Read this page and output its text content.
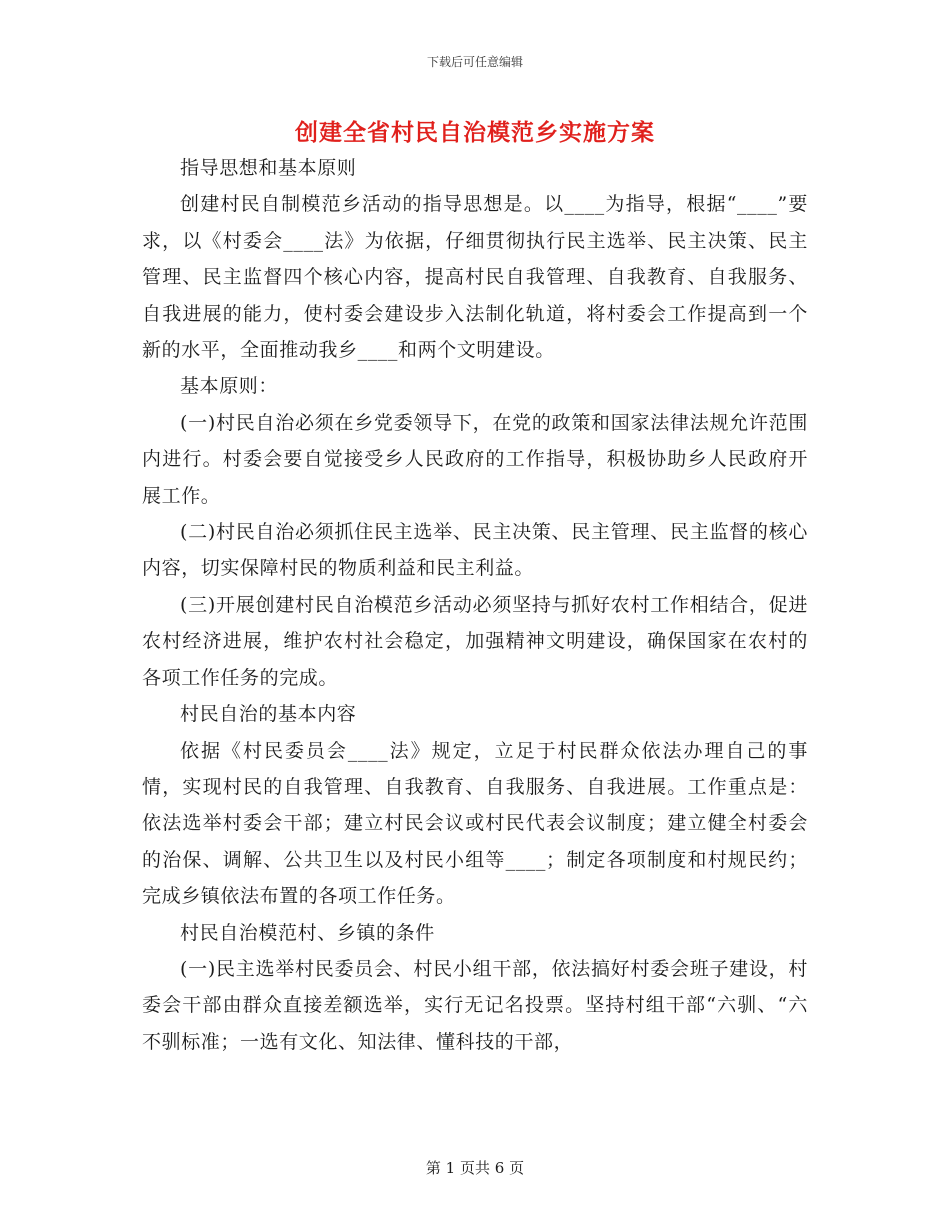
下载后可任意编辑
创建全省村民自治模范乡实施方案

指导思想和基本原则

创建村民自制模范乡活动的指导思想是。以____为指导，根据“____”要求，以《村委会____法》为依据，仔细贯彻执行民主选举、民主决策、民主管理、民主监督四个核心内容，提高村民自我管理、自我教育、自我服务、自我进展的能力，使村委会建设步入法制化轨道，将村委会工作提高到一个新的水平，全面推动我乡____和两个文明建设。

基本原则：

(一)村民自治必须在乡党委领导下，在党的政策和国家法律法规允许范围内进行。村委会要自觉接受乡人民政府的工作指导，积极协助乡人民政府开展工作。

(二)村民自治必须抓住民主选举、民主决策、民主管理、民主监督的核心内容，切实保障村民的物质利益和民主利益。

(三)开展创建村民自治模范乡活动必须坚持与抓好农村工作相结合，促进农村经济进展，维护农村社会稳定，加强精神文明建设，确保国家在农村的各项工作任务的完成。

村民自治的基本内容

依据《村民委员会____法》规定，立足于村民群众依法办理自己的事情，实现村民的自我管理、自我教育、自我服务、自我进展。工作重点是：依法选举村委会干部；建立村民会议或村民代表会议制度；建立健全村委会的治保、调解、公共卫生以及村民小组等____；制定各项制度和村规民约；完成乡镇依法布置的各项工作任务。

村民自治模范村、乡镇的条件

(一)民主选举村民委员会、村民小组干部，依法搞好村委会班子建设，村委会干部由群众直接差额选举，实行无记名投票。坚持村组干部“六驯、“六不驯标准；一选有文化、知法律、懂科技的干部，

第 1 页共 6 页
